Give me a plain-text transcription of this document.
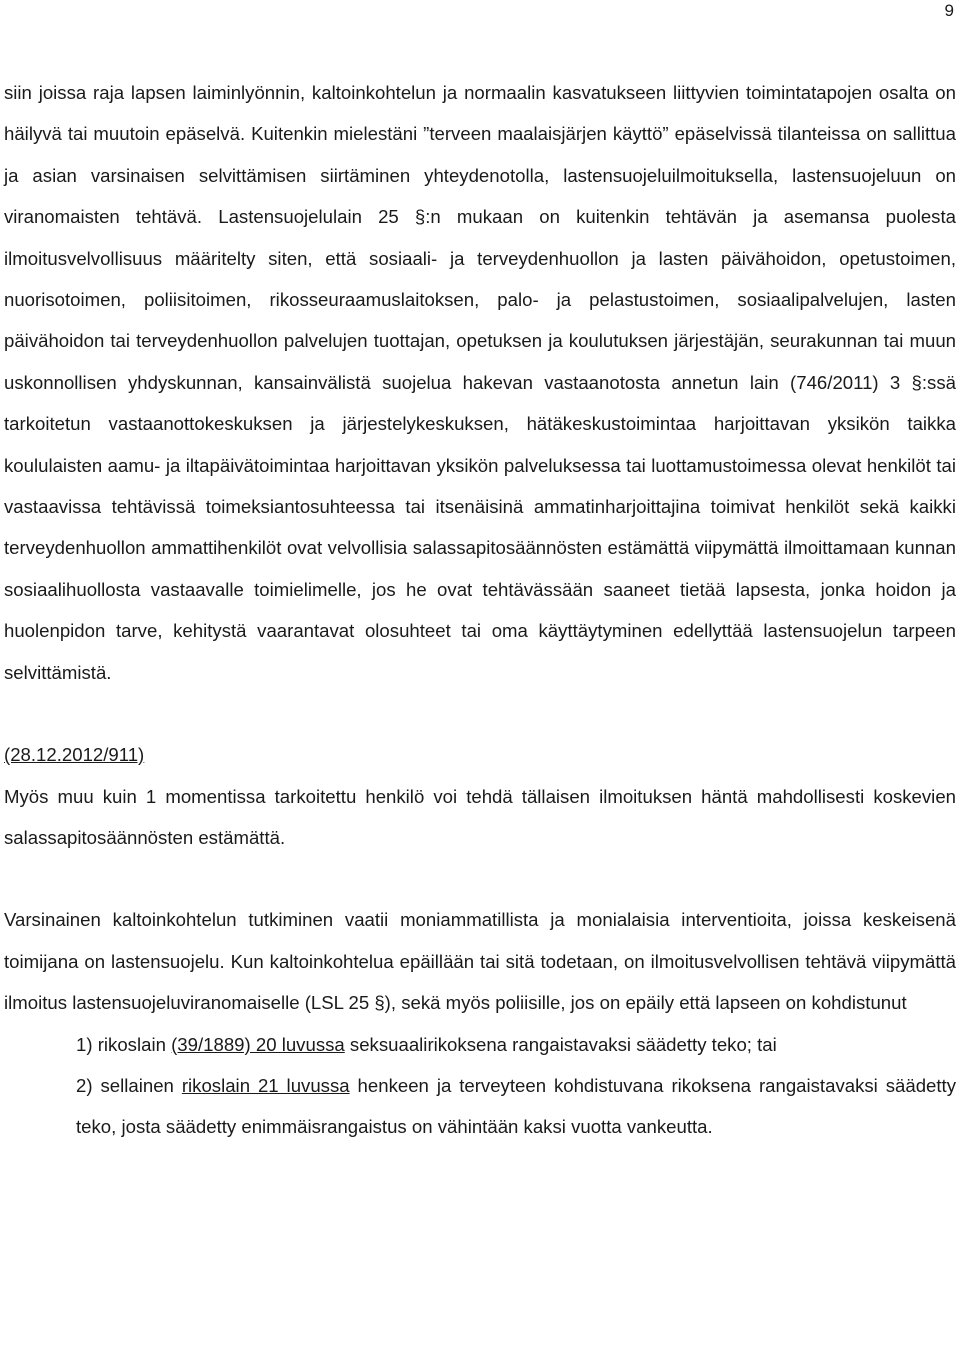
9

siin joissa raja lapsen laiminlyönnin, kaltoinkohtelun ja normaalin kasvatukseen liittyvien toimintatapojen osalta on häilyvä tai muutoin epäselvä. Kuitenkin mielestäni ”terveen maalaisjärjen käyttö” epäselvissä tilanteissa on sallittua ja asian varsinaisen selvittämisen siirtäminen yhteydenotolla, lastensuojeluilmoituksella, lastensuojeluun on viranomaisten tehtävä. Lastensuojelulain 25 §:n mukaan on kuitenkin tehtävän ja asemansa puolesta ilmoitusvelvollisuus määritelty siten, että sosiaali- ja terveydenhuollon ja lasten päivähoidon, opetustoimen, nuorisotoimen, poliisitoimen, rikosseuraamuslaitoksen, palo- ja pelastustoimen, sosiaalipalvelujen, lasten päivähoidon tai terveydenhuollon palvelujen tuottajan, opetuksen ja koulutuksen järjestäjän, seurakunnan tai muun uskonnollisen yhdyskunnan, kansainvälistä suojelua hakevan vastaanotosta annetun lain (746/2011) 3 §:ssä tarkoitetun vastaanottokeskuksen ja järjestelykeskuksen, hätäkeskustoimintaa harjoittavan yksikön taikka koululaisten aamu- ja iltapäivätoimintaa harjoittavan yksikön palveluksessa tai luottamustoimessa olevat henkilöt tai vastaavissa tehtävissä toimeksiantosuhteessa tai itsenäisinä ammatinharjoittajina toimivat henkilöt sekä kaikki terveydenhuollon ammattihenkilöt ovat velvollisia salassapitosäännösten estämättä viipymättä ilmoittamaan kunnan sosiaalihuollosta vastaavalle toimielimelle, jos he ovat tehtävässään saaneet tietää lapsesta, jonka hoidon ja huolenpidon tarve, kehitystä vaarantavat olosuhteet tai oma käyttäytyminen edellyttää lastensuojelun tarpeen selvittämistä.

(28.12.2012/911)

Myös muu kuin 1 momentissa tarkoitettu henkilö voi tehdä tällaisen ilmoituksen häntä mahdollisesti koskevien salassapitosäännösten estämättä.

Varsinainen kaltoinkohtelun tutkiminen vaatii moniammatillista ja monialaisia interventioita, joissa keskeisenä toimijana on lastensuojelu. Kun kaltoinkohtelua epäillään tai sitä todetaan, on ilmoitusvelvollisen tehtävä viipymättä ilmoitus lastensuojeluviranomaiselle (LSL 25 §), sekä myös poliisille, jos on epäily että lapseen on kohdistunut

1) rikoslain (39/1889) 20 luvussa seksuaalirikoksena rangaistavaksi säädetty teko; tai

2) sellainen rikoslain 21 luvussa henkeen ja terveyteen kohdistuvana rikoksena rangaistavaksi säädetty teko, josta säädetty enimmäisrangaistus on vähintään kaksi vuotta vankeutta.
